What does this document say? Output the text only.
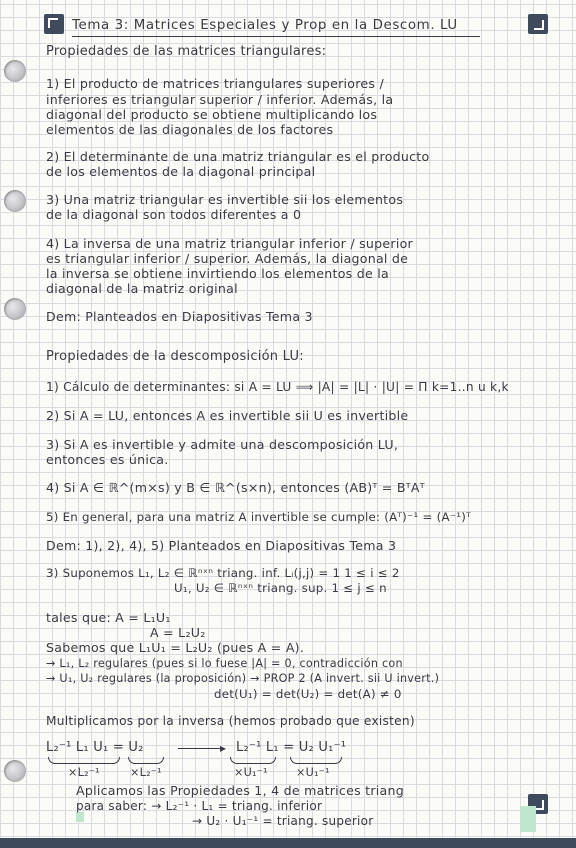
Tema 3: Matrices Especiales y Prop en la Descom. LU
Propiedades de las matrices triangulares:
1) El producto de matrices triangulares superiores /
inferiores es triangular superior / inferior. Además, la
diagonal del producto se obtiene multiplicando los
elementos de las diagonales de los factores
2) El determinante de una matriz triangular es el producto
de los elementos de la diagonal principal
3) Una matriz triangular es invertible sii los elementos
de la diagonal son todos diferentes a 0
4) La inversa de una matriz triangular inferior / superior
es triangular inferior / superior. Además, la diagonal de
la inversa se obtiene invirtiendo los elementos de la
diagonal de la matriz original
Dem: Planteados en Diapositivas Tema 3
Propiedades de la descomposición LU:
1) Cálculo de determinantes: si A = LU ⟹ |A| = |L| · |U| = Π k=1..n u k,k
2) Si A = LU, entonces A es invertible sii U es invertible
3) Si A es invertible y admite una descomposición LU,
entonces es única.
4) Si A ∈ ℝ^(m×s) y B ∈ ℝ^(s×n), entonces (AB)ᵀ = BᵀAᵀ
5) En general, para una matriz A invertible se cumple: (Aᵀ)⁻¹ = (A⁻¹)ᵀ
Dem: 1), 2), 4), 5) Planteados en Diapositivas Tema 3
3) Suponemos L₁, L₂ ∈ ℝⁿˣⁿ triang. inf. Lᵢ(j,j) = 1 1 ≤ i ≤ 2
U₁, U₂ ∈ ℝⁿˣⁿ triang. sup. 1 ≤ j ≤ n
tales que: A = L₁U₁
A = L₂U₂
Sabemos que L₁U₁ = L₂U₂ (pues A = A).
→ L₁, L₂ regulares (pues si lo fuese |A| = 0, contradicción con
→ U₁, U₂ regulares (la proposición) → PROP 2 (A invert. sii U invert.)
det(U₁) = det(U₂) = det(A) ≠ 0
Multiplicamos por la inversa (hemos probado que existen)
L₂⁻¹ L₁ U₁ = U₂	▸ L₂⁻¹ L₁ = U₂ U₁⁻¹
×L₂⁻¹	×L₂⁻¹	×U₁⁻¹	×U₁⁻¹
Aplicamos las Propiedades 1, 4 de matrices triang
para saber: → L₂⁻¹ · L₁ = triang. inferior
→ U₂ · U₁⁻¹ = triang. superior
